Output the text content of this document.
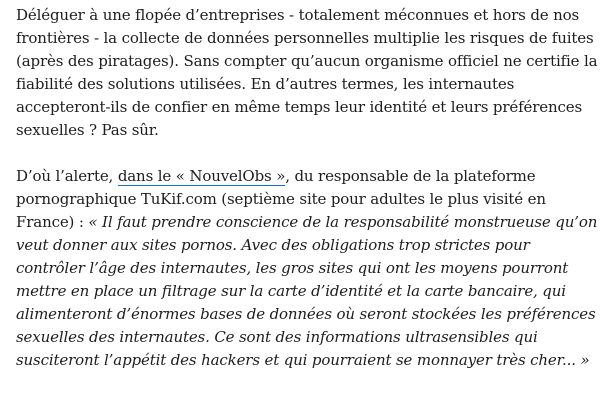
Déléguer à une flopée d’entreprises - totalement méconnues et hors de nos frontières - la collecte de données personnelles multiplie les risques de fuites (après des piratages). Sans compter qu’aucun organisme officiel ne certifie la fiabilité des solutions utilisées. En d’autres termes, les internautes accepteront-ils de confier en même temps leur identité et leurs préférences sexuelles ? Pas sûr.

D’où l’alerte, dans le « NouvelObs », du responsable de la plateforme pornographique TuKif.com (septième site pour adultes le plus visité en France) : « Il faut prendre conscience de la responsabilité monstrueuse qu’on veut donner aux sites pornos. Avec des obligations trop strictes pour contrôler l’âge des internautes, les gros sites qui ont les moyens pourront mettre en place un filtrage sur la carte d’identité et la carte bancaire, qui alimenteront d’énormes bases de données où seront stockées les préférences sexuelles des internautes. Ce sont des informations ultrasensibles qui susciteront l’appétit des hackers et qui pourraient se monnayer très cher... »
